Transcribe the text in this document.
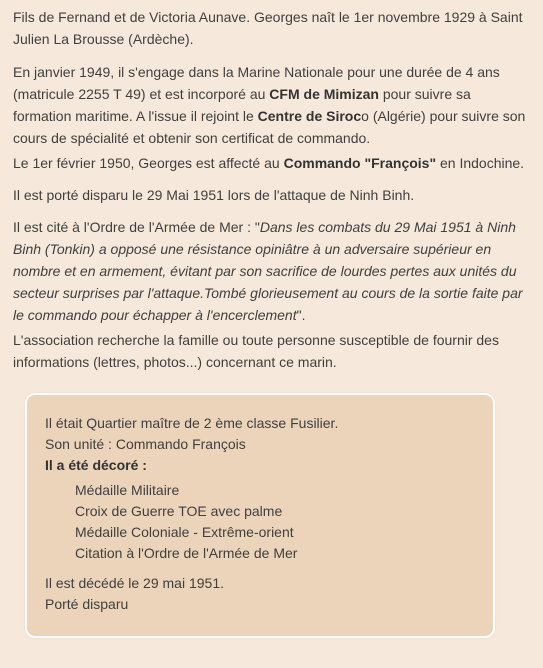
Fils de Fernand et de Victoria Aunave. Georges naît le 1er novembre 1929 à Saint Julien La Brousse (Ardèche).

En janvier 1949, il s'engage dans la Marine Nationale pour une durée de 4 ans (matricule 2255 T 49) et est incorporé au CFM de Mimizan pour suivre sa formation maritime. A l'issue il rejoint le Centre de Siroco (Algérie) pour suivre son cours de spécialité et obtenir son certificat de commando.

Le 1er février 1950, Georges est affecté au Commando "François" en Indochine.

Il est porté disparu le 29 Mai 1951 lors de l'attaque de Ninh Binh.

Il est cité à l'Ordre de l'Armée de Mer : "Dans les combats du 29 Mai 1951 à Ninh Binh (Tonkin) a opposé une résistance opiniâtre à un adversaire supérieur en nombre et en armement, évitant par son sacrifice de lourdes pertes aux unités du secteur surprises par l'attaque.Tombé glorieusement au cours de la sortie faite par le commando pour échapper à l'encerclement".

L'association recherche la famille ou toute personne susceptible de fournir des informations (lettres, photos...) concernant ce marin.

Il était Quartier maître de 2 ème classe Fusilier.
Son unité : Commando François
Il a été décoré :
Médaille Militaire
Croix de Guerre TOE avec palme
Médaille Coloniale - Extrême-orient
Citation à l'Ordre de l'Armée de Mer
Il est décédé le 29 mai 1951.
Porté disparu
